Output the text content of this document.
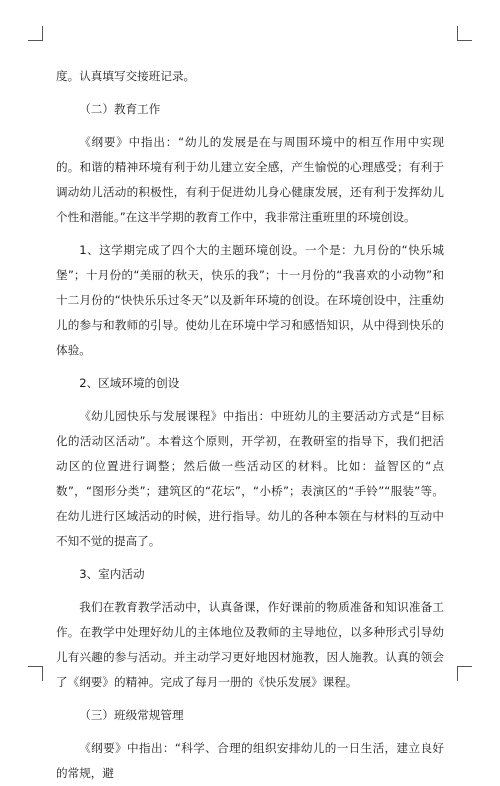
度。认真填写交接班记录。

（二）教育工作

《纲要》中指出：“幼儿的发展是在与周围环境中的相互作用中实现的。和谐的精神环境有利于幼儿建立安全感，产生愉悦的心理感受；有利于调动幼儿活动的积极性，有利于促进幼儿身心健康发展，还有利于发挥幼儿个性和潜能。”在这半学期的教育工作中，我非常注重班里的环境创设。

1、这学期完成了四个大的主题环境创设。一个是：九月份的“快乐城堡”；十月份的“美丽的秋天，快乐的我”；十一月份的“我喜欢的小动物”和十二月份的“快快乐乐过冬天”以及新年环境的创设。在环境创设中，注重幼儿的参与和教师的引导。使幼儿在环境中学习和感悟知识，从中得到快乐的体验。

2、区域环境的创设

《幼儿园快乐与发展课程》中指出：中班幼儿的主要活动方式是“目标化的活动区活动”。本着这个原则，开学初，在教研室的指导下，我们把活动区的位置进行调整；然后做一些活动区的材料。比如：益智区的“点数”，“图形分类”；建筑区的“花坛”，“小桥”；表演区的“手铃”“服装”等。在幼儿进行区域活动的时候，进行指导。幼儿的各种本领在与材料的互动中不知不觉的提高了。

3、室内活动

我们在教育教学活动中，认真备课，作好课前的物质准备和知识准备工作。在教学中处理好幼儿的主体地位及教师的主导地位，以多种形式引导幼儿有兴趣的参与活动。并主动学习更好地因材施教，因人施教。认真的领会了《纲要》的精神。完成了每月一册的《快乐发展》课程。

（三）班级常规管理

《纲要》中指出：“科学、合理的组织安排幼儿的一日生活，建立良好的常规，避
